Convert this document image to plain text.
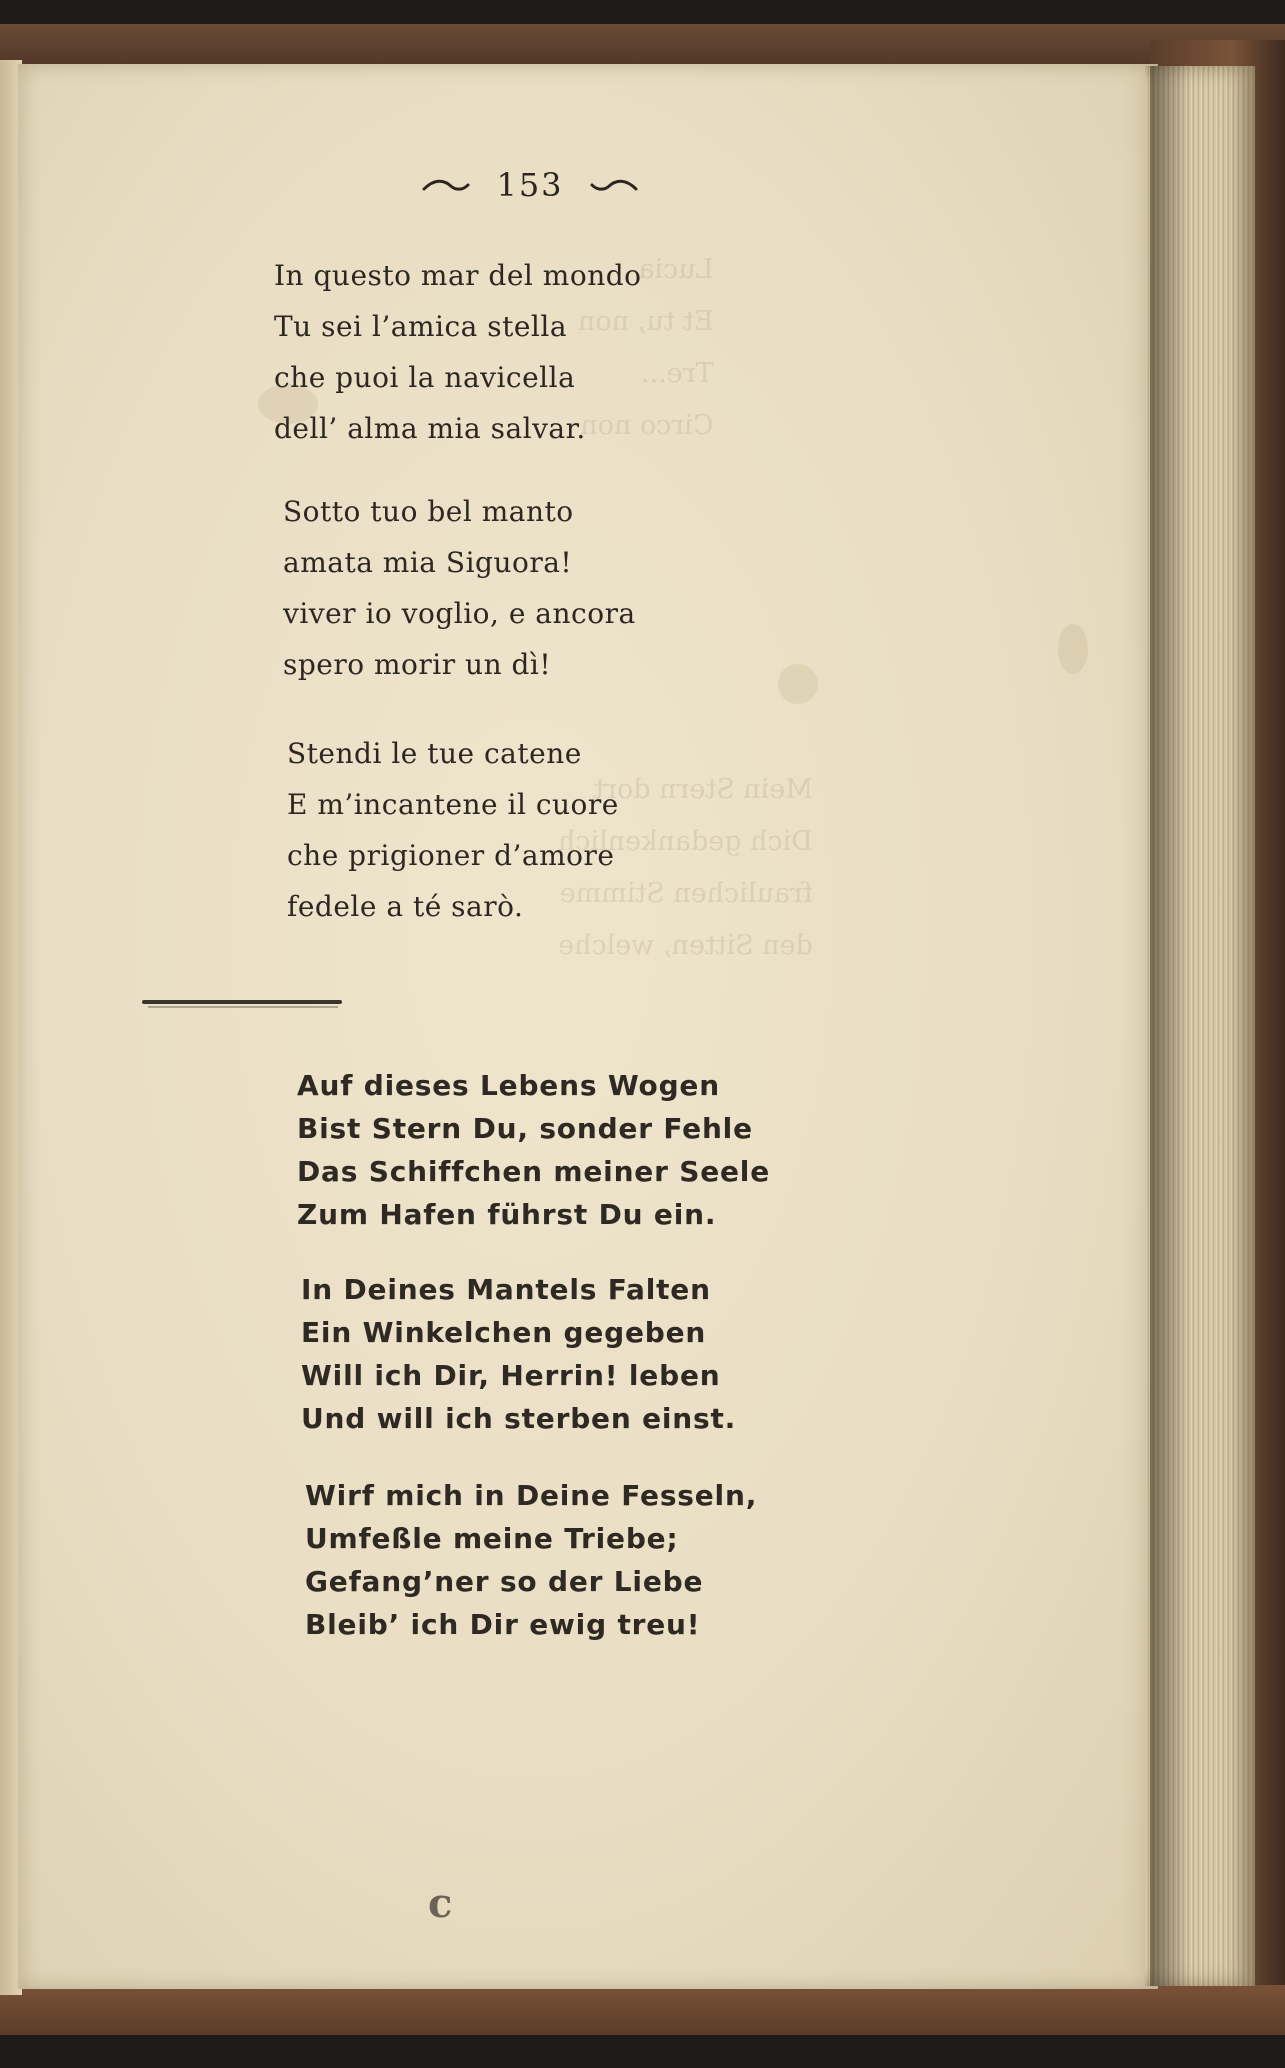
Lucia
Et tu, non
Tre...
Circo non
Mein Stern dort
Dich gedankenlich
fraulichen Stimme
den Sitten, welche
153
In questo mar del mondo
Tu sei l’amica stella
che puoi la navicella
dell’ alma mia salvar.
Sotto tuo bel manto
amata mia Siguora!
viver io voglio, e ancora
spero morir un dì!
Stendi le tue catene
E m’incantene il cuore
che prigioner d’amore
fedele a té sarò.
Auf dieses Lebens Wogen
Bist Stern Du, sonder Fehle
Das Schiffchen meiner Seele
Zum Hafen führst Du ein.
In Deines Mantels Falten
Ein Winkelchen gegeben
Will ich Dir, Herrin! leben
Und will ich sterben einst.
Wirf mich in Deine Fesseln,
Umfeßle meine Triebe;
Gefang’ner so der Liebe
Bleib’ ich Dir ewig treu!
c
